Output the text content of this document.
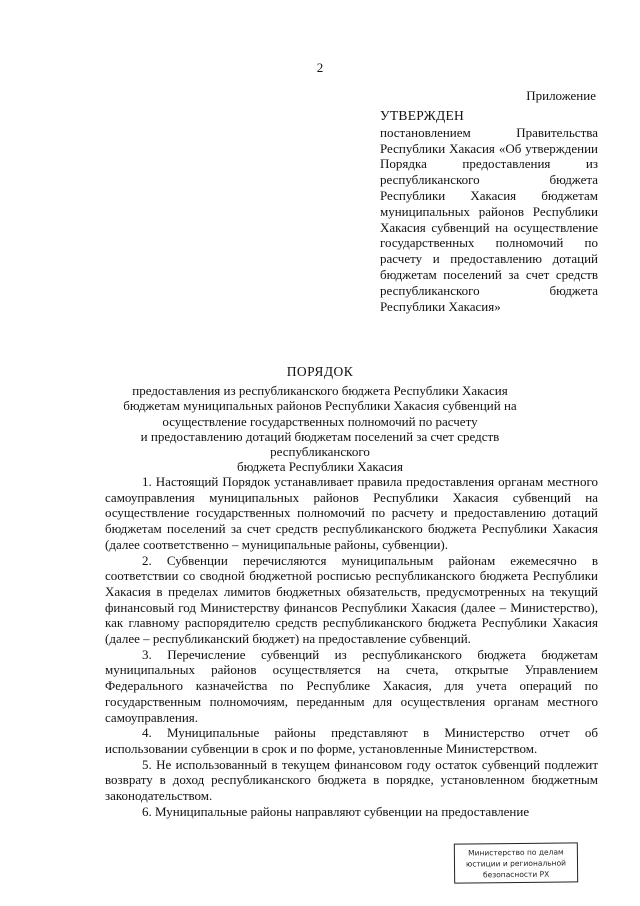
2
Приложение
УТВЕРЖДЕН
постановлением Правительства Республики Хакасия «Об утверждении Порядка предоставления из республиканского бюджета Республики Хакасия бюджетам муниципальных районов Республики Хакасия субвенций на осуществление государственных полномочий по расчету и предоставлению дотаций бюджетам поселений за счет средств республиканского бюджета Республики Хакасия»
ПОРЯДОК
предоставления из республиканского бюджета Республики Хакасия
бюджетам муниципальных районов Республики Хакасия субвенций на
осуществление государственных полномочий по расчету
и предоставлению дотаций бюджетам поселений за счет средств республиканского
бюджета Республики Хакасия

1. Настоящий Порядок устанавливает правила предоставления органам местного самоуправления муниципальных районов Республики Хакасия субвенций на осуществление государственных полномочий по расчету и предоставлению дотаций бюджетам поселений за счет средств республиканского бюджета Республики Хакасия (далее соответственно – муниципальные районы, субвенции).

2. Субвенции перечисляются муниципальным районам ежемесячно в соответствии со сводной бюджетной росписью республиканского бюджета Республики Хакасия в пределах лимитов бюджетных обязательств, предусмотренных на текущий финансовый год Министерству финансов Республики Хакасия (далее – Министерство), как главному распорядителю средств республиканского бюджета Республики Хакасия (далее – республиканский бюджет) на предоставление субвенций.

3. Перечисление субвенций из республиканского бюджета бюджетам муниципальных районов осуществляется на счета, открытые Управлением Федерального казначейства по Республике Хакасия, для учета операций по государственным полномочиям, переданным для осуществления органам местного самоуправления.

4. Муниципальные районы представляют в Министерство отчет об использовании субвенции в срок и по форме, установленные Министерством.

5. Не использованный в текущем финансовом году остаток субвенций подлежит возврату в доход республиканского бюджета в порядке, установленном бюджетным законодательством.

6. Муниципальные районы направляют субвенции на предоставление

Министерство по делам
юстиции и региональной
безопасности РХ
